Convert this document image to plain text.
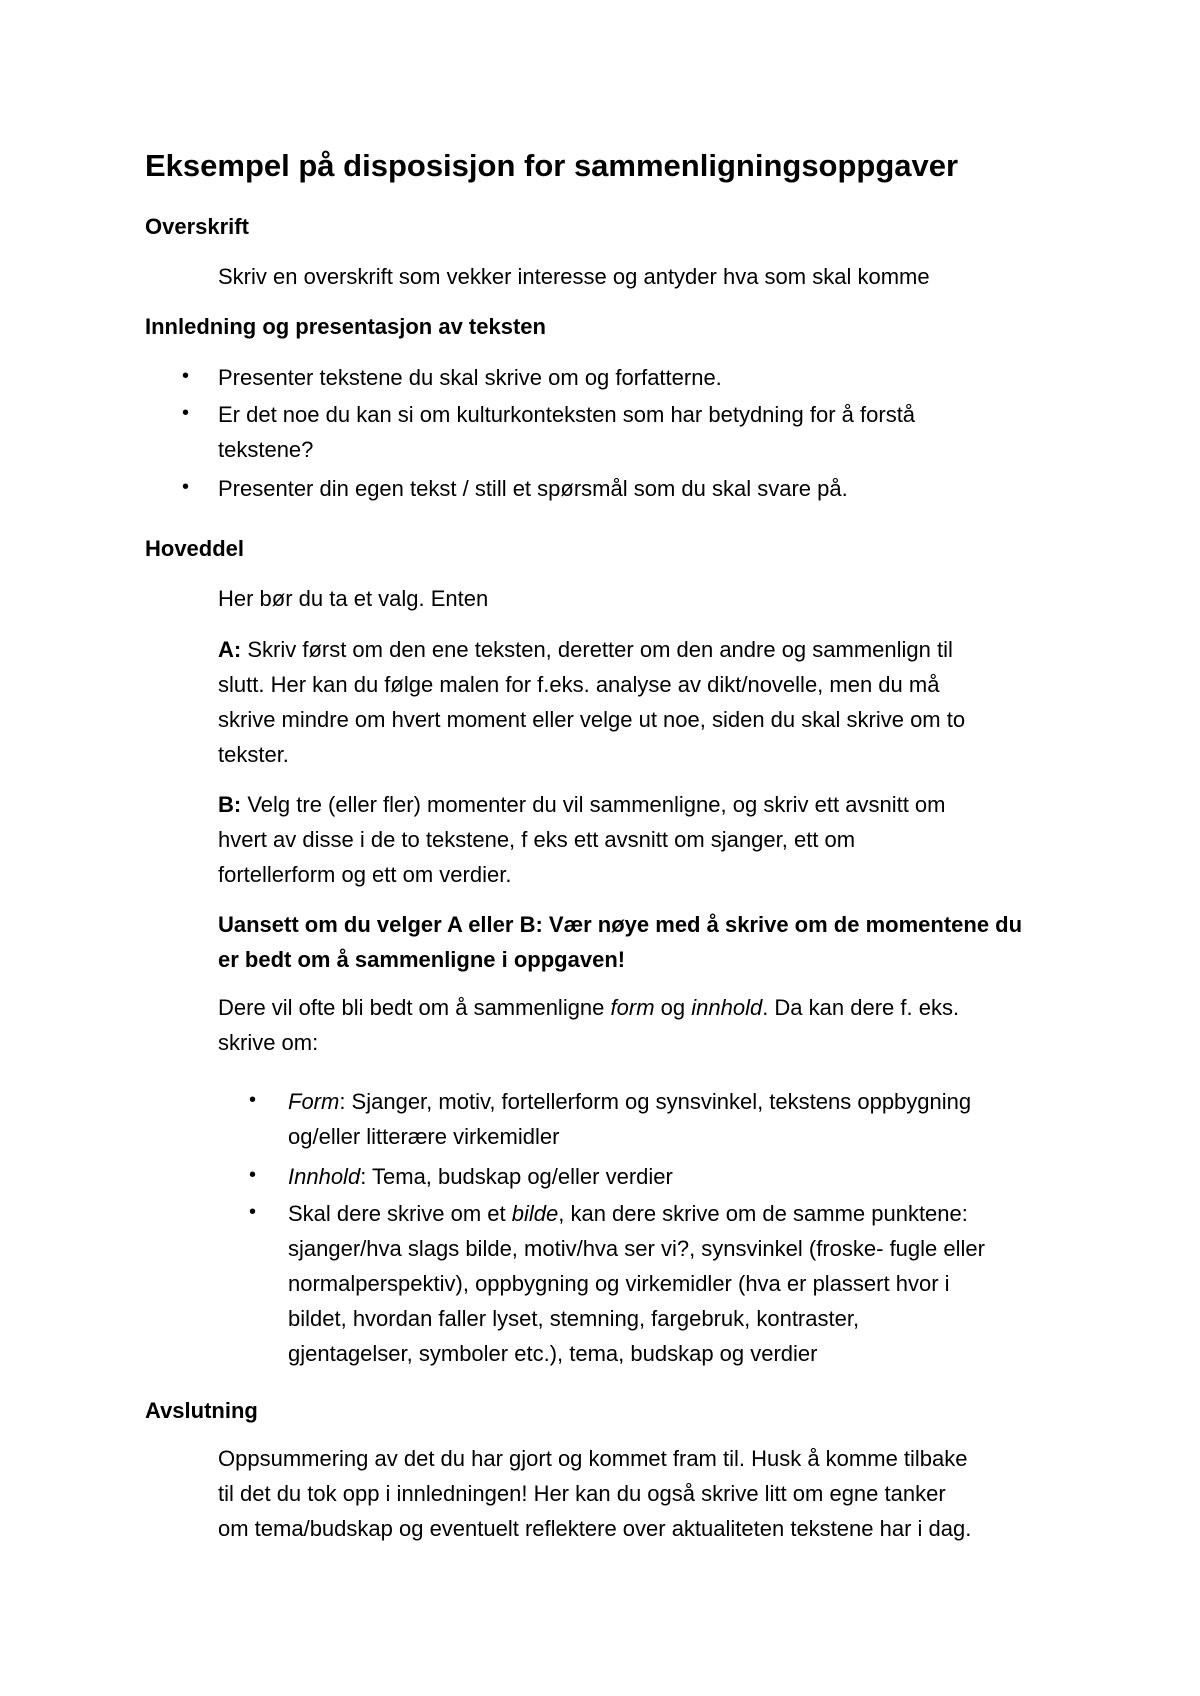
Eksempel på disposisjon for sammenligningsoppgaver
Overskrift
Skriv en overskrift som vekker interesse og antyder hva som skal komme
Innledning og presentasjon av teksten
• Presenter tekstene du skal skrive om og forfatterne.
• Er det noe du kan si om kulturkonteksten som har betydning for å forstå
tekstene?
• Presenter din egen tekst / still et spørsmål som du skal svare på.
Hoveddel
Her bør du ta et valg. Enten
A: Skriv først om den ene teksten, deretter om den andre og sammenlign til
slutt. Her kan du følge malen for f.eks. analyse av dikt/novelle, men du må
skrive mindre om hvert moment eller velge ut noe, siden du skal skrive om to
tekster.
B: Velg tre (eller fler) momenter du vil sammenligne, og skriv ett avsnitt om
hvert av disse i de to tekstene, f eks ett avsnitt om sjanger, ett om
fortellerform og ett om verdier.
Uansett om du velger A eller B: Vær nøye med å skrive om de momentene du
er bedt om å sammenligne i oppgaven!
Dere vil ofte bli bedt om å sammenligne form og innhold. Da kan dere f. eks.
skrive om:
• Form: Sjanger, motiv, fortellerform og synsvinkel, tekstens oppbygning
og/eller litterære virkemidler
• Innhold: Tema, budskap og/eller verdier
• Skal dere skrive om et bilde, kan dere skrive om de samme punktene:
sjanger/hva slags bilde, motiv/hva ser vi?, synsvinkel (froske- fugle eller
normalperspektiv), oppbygning og virkemidler (hva er plassert hvor i
bildet, hvordan faller lyset, stemning, fargebruk, kontraster,
gjentagelser, symboler etc.), tema, budskap og verdier
Avslutning
Oppsummering av det du har gjort og kommet fram til. Husk å komme tilbake
til det du tok opp i innledningen! Her kan du også skrive litt om egne tanker
om tema/budskap og eventuelt reflektere over aktualiteten tekstene har i dag.
